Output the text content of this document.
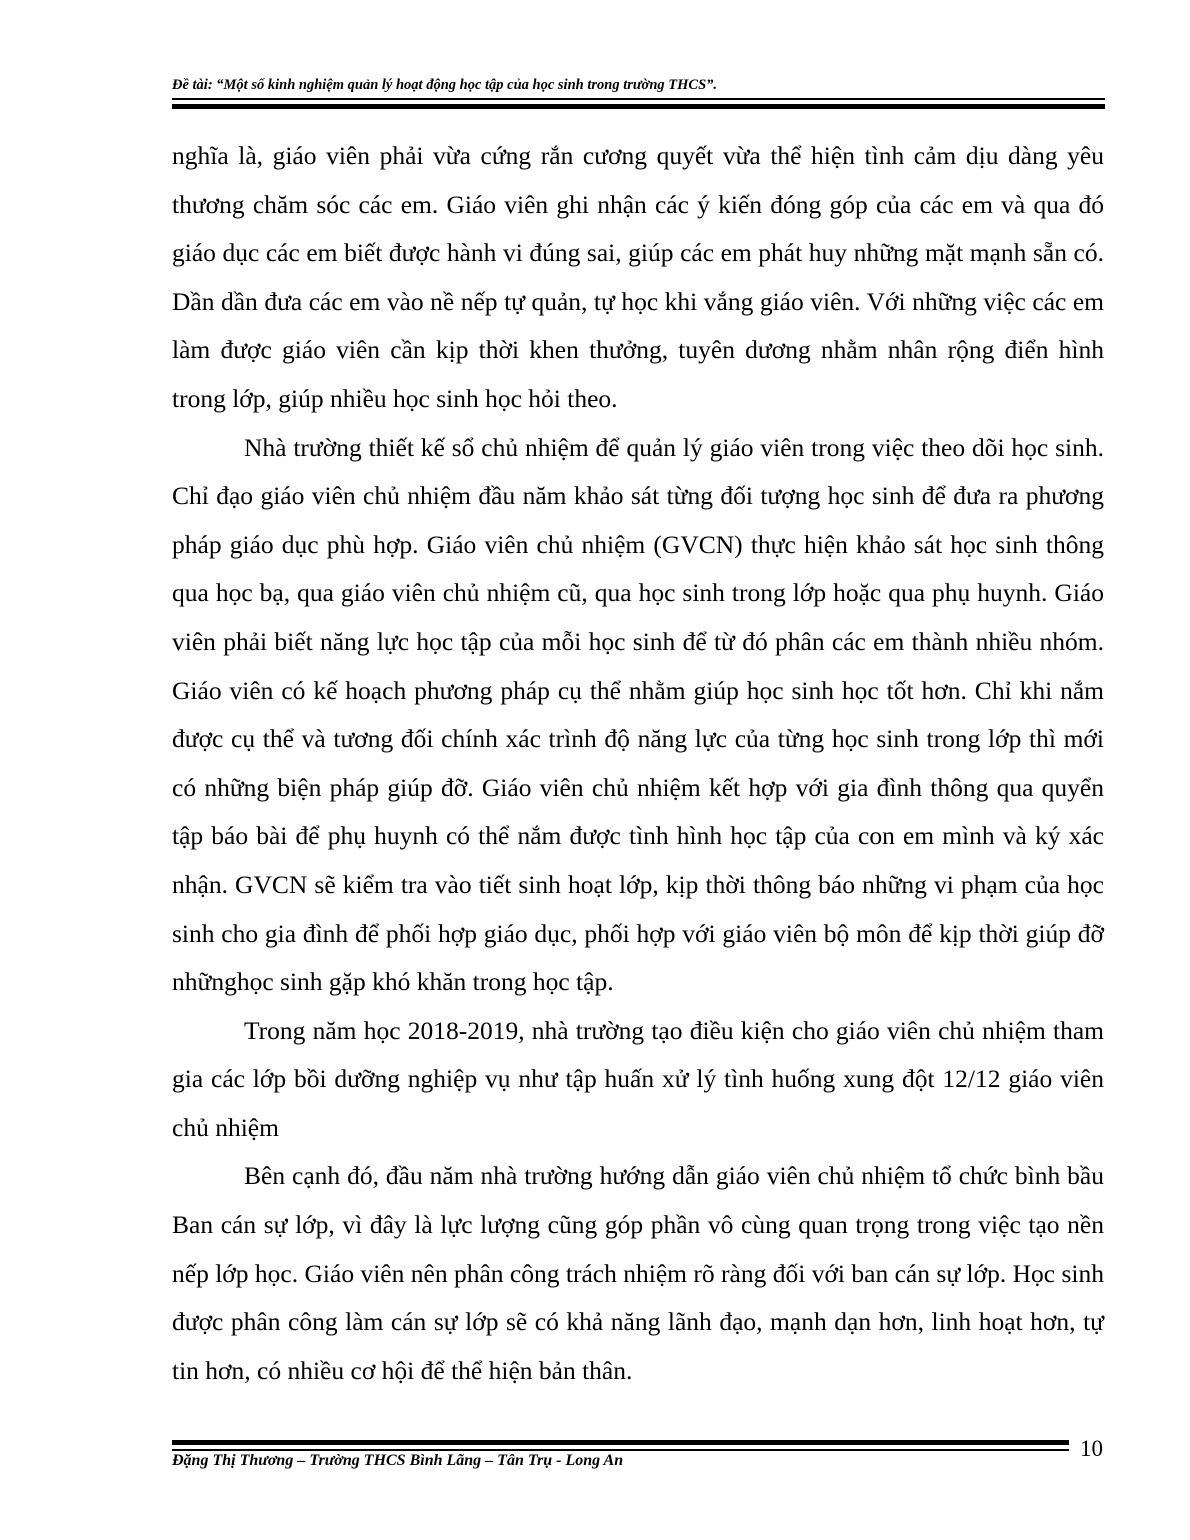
Đề tài: “Một số kinh nghiệm quản lý hoạt động học tập của học sinh trong trường THCS”.

nghĩa là, giáo viên phải vừa cứng rắn cương quyết vừa thể hiện tình cảm dịu dàng yêu thương chăm sóc các em. Giáo viên ghi nhận các ý kiến đóng góp của các em và qua đó giáo dục các em biết được hành vi đúng sai, giúp các em phát huy những mặt mạnh sẵn có. Dần dần đưa các em vào nề nếp tự quản, tự học khi vắng giáo viên. Với những việc các em làm được giáo viên cần kịp thời khen thưởng, tuyên dương nhằm nhân rộng điển hình trong lớp, giúp nhiều học sinh học hỏi theo.

Nhà trường thiết kế sổ chủ nhiệm để quản lý giáo viên trong việc theo dõi học sinh. Chỉ đạo giáo viên chủ nhiệm đầu năm khảo sát từng đối tượng học sinh để đưa ra phương pháp giáo dục phù hợp. Giáo viên chủ nhiệm (GVCN) thực hiện khảo sát học sinh thông qua học bạ, qua giáo viên chủ nhiệm cũ, qua học sinh trong lớp hoặc qua phụ huynh. Giáo viên phải biết năng lực học tập của mỗi học sinh để từ đó phân các em thành nhiều nhóm. Giáo viên có kế hoạch phương pháp cụ thể nhằm giúp học sinh học tốt hơn. Chỉ khi nắm được cụ thể và tương đối chính xác trình độ năng lực của từng học sinh trong lớp thì mới có những biện pháp giúp đỡ. Giáo viên chủ nhiệm kết hợp với gia đình thông qua quyển tập báo bài để phụ huynh có thể nắm được tình hình học tập của con em mình và ký xác nhận. GVCN sẽ kiểm tra vào tiết sinh hoạt lớp, kịp thời thông báo những vi phạm của học sinh cho gia đình để phối hợp giáo dục, phối hợp với giáo viên bộ môn để kịp thời giúp đỡ nhữnghọc sinh gặp khó khăn trong học tập.

Trong năm học 2018-2019, nhà trường tạo điều kiện cho giáo viên chủ nhiệm tham gia các lớp bồi dưỡng nghiệp vụ như tập huấn xử lý tình huống xung đột 12/12 giáo viên chủ nhiệm

Bên cạnh đó, đầu năm nhà trường hướng dẫn giáo viên chủ nhiệm tổ chức bình bầu Ban cán sự lớp, vì đây là lực lượng cũng góp phần vô cùng quan trọng trong việc tạo nền nếp lớp học. Giáo viên nên phân công trách nhiệm rõ ràng đối với ban cán sự lớp. Học sinh được phân công làm cán sự lớp sẽ có khả năng lãnh đạo, mạnh dạn hơn, linh hoạt hơn, tự tin hơn, có nhiều cơ hội để thể hiện bản thân.

Đặng Thị Thương – Trường THCS Bình Lãng – Tân Trụ - Long An	10
